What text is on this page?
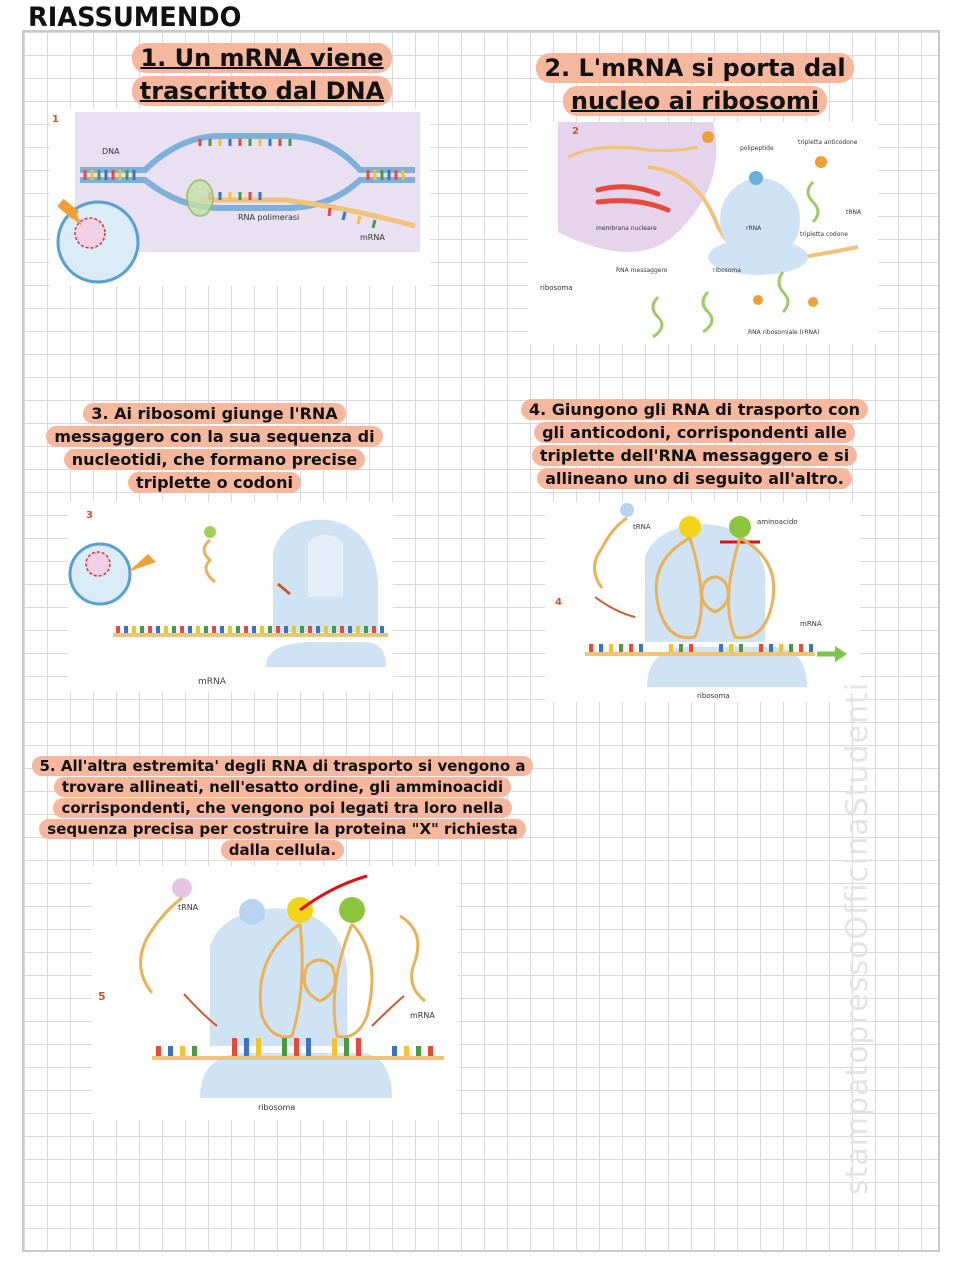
RIASSUMENDO
1. Un mRNA viene
trascritto dal DNA
2. L'mRNA si porta dal
nucleo ai ribosomi
1
DNA
RNA polimerasi
mRNA
2
polipeptide
tripletta anticodone
tRNA
rRNA
tripletta codone
membrana nucleare
RNA messaggero	ribosoma
ribosoma
RNA ribosomiale (rRNA)
3. Ai ribosomi giunge l'RNA messaggero con la sua sequenza di nucleotidi, che formano precise triplette o codoni
4. Giungono gli RNA di trasporto con gli anticodoni, corrispondenti alle triplette dell'RNA messaggero e si allineano uno di seguito all'altro.
3
mRNA
4
tRNA
aminoacido
mRNA
ribosoma
5. All'altra estremita' degli RNA di trasporto si vengono a trovare allineati, nell'esatto ordine, gli amminoacidi corrispondenti, che vengono poi legati tra loro nella sequenza precisa per costruire la proteina "X" richiesta dalla cellula.
5
tRNA
mRNA
ribosoma	stampatopressoOfficinaStudenti
